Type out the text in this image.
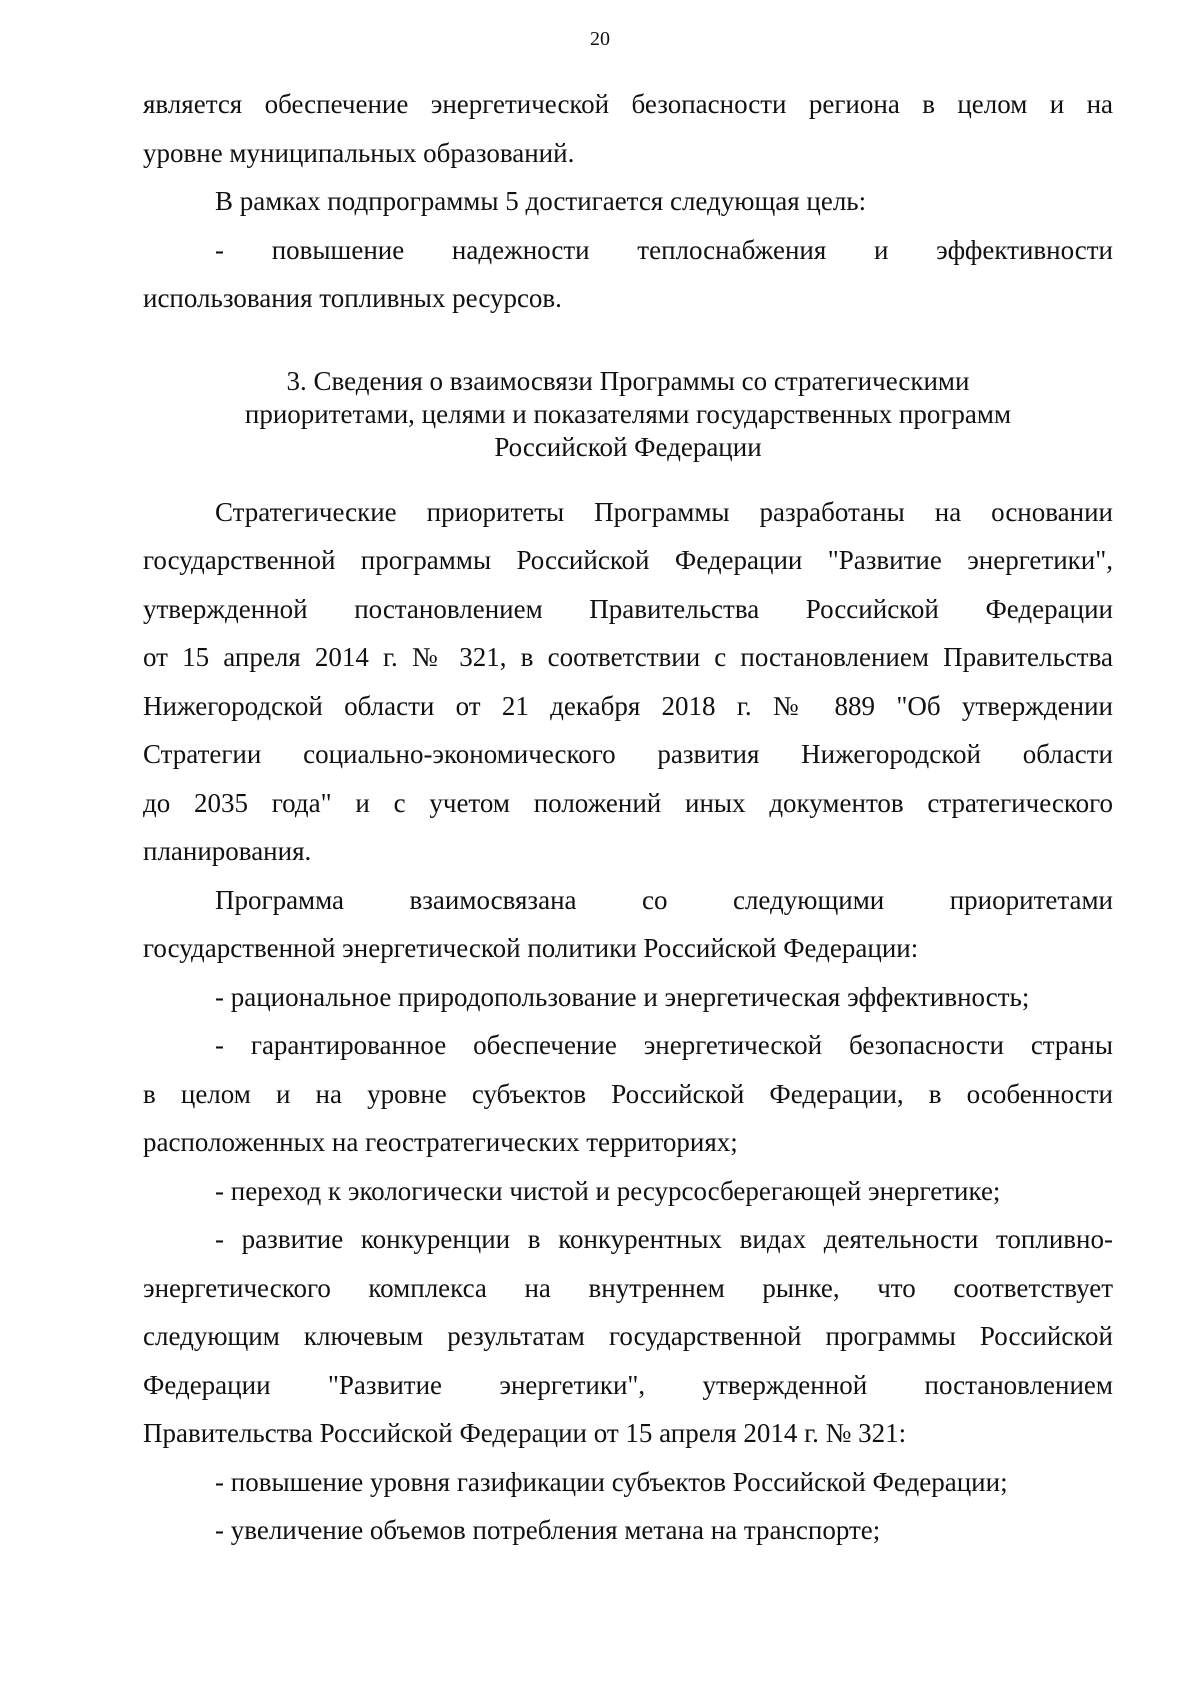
20
является обеспечение энергетической безопасности региона в целом и на
уровне муниципальных образований.
В рамках подпрограммы 5 достигается следующая цель:
- повышение надежности теплоснабжения и эффективности
использования топливных ресурсов.
3. Сведения о взаимосвязи Программы со стратегическими
приоритетами, целями и показателями государственных программ
Российской Федерации
Стратегические приоритеты Программы разработаны на основании
государственной программы Российской Федерации "Развитие энергетики",
утвержденной постановлением Правительства Российской Федерации
от 15 апреля 2014 г. № 321, в соответствии с постановлением Правительства
Нижегородской области от 21 декабря 2018 г. № 889 "Об утверждении
Стратегии социально-экономического развития Нижегородской области
до 2035 года" и с учетом положений иных документов стратегического
планирования.
Программа взаимосвязана со следующими приоритетами
государственной энергетической политики Российской Федерации:
- рациональное природопользование и энергетическая эффективность;
- гарантированное обеспечение энергетической безопасности страны
в целом и на уровне субъектов Российской Федерации, в особенности
расположенных на геостратегических территориях;
- переход к экологически чистой и ресурсосберегающей энергетике;
- развитие конкуренции в конкурентных видах деятельности топливно-
энергетического комплекса на внутреннем рынке, что соответствует
следующим ключевым результатам государственной программы Российской
Федерации "Развитие энергетики", утвержденной постановлением
Правительства Российской Федерации от 15 апреля 2014 г. № 321:
- повышение уровня газификации субъектов Российской Федерации;
- увеличение объемов потребления метана на транспорте;
